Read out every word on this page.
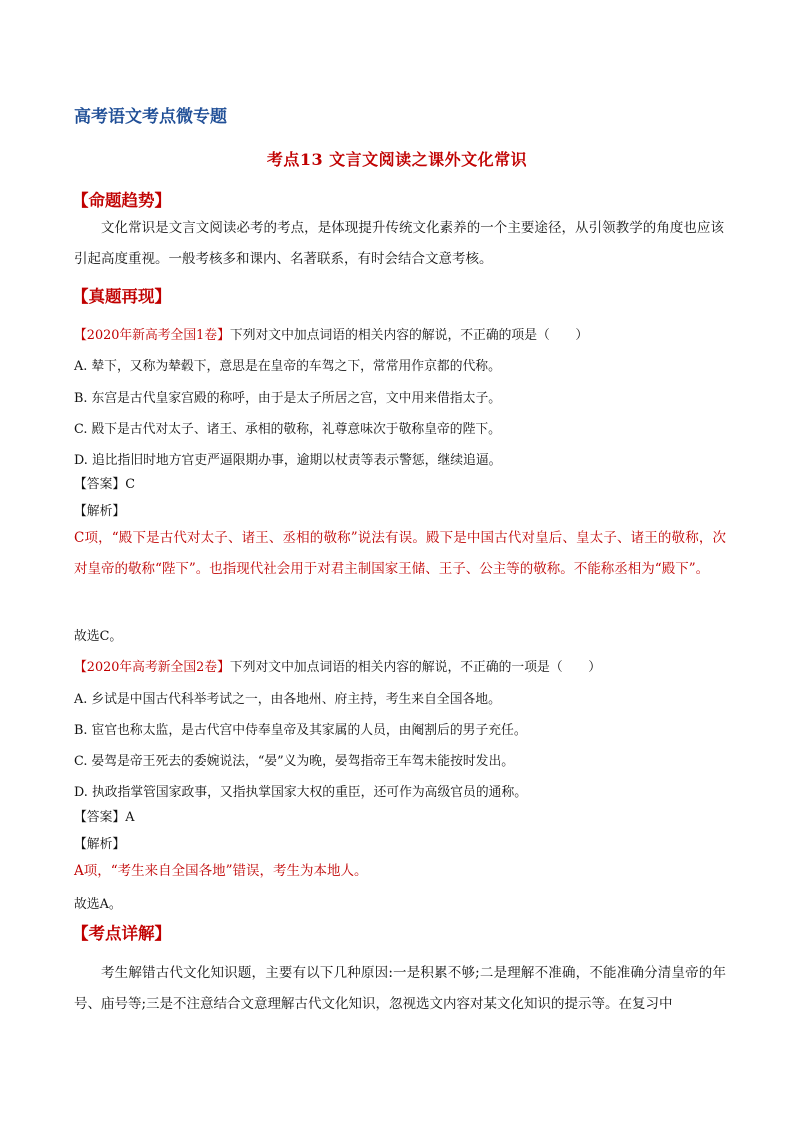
高考语文考点微专题
考点13 文言文阅读之课外文化常识
【命题趋势】
文化常识是文言文阅读必考的考点，是体现提升传统文化素养的一个主要途径，从引领教学的角度也应该引起高度重视。一般考核多和课内、名著联系，有时会结合文意考核。
【真题再现】
【2020年新高考全国1卷】下列对文中加点词语的相关内容的解说，不正确的项是（　　）
A. 辇下，又称为辇毂下，意思是在皇帝的车驾之下，常常用作京都的代称。
B. 东宫是古代皇家宫殿的称呼，由于是太子所居之宫，文中用来借指太子。
C. 殿下是古代对太子、诸王、承相的敬称，礼尊意味次于敬称皇帝的陛下。
D. 追比指旧时地方官吏严逼限期办事，逾期以杖责等表示警惩，继续追逼。
【答案】C
【解析】
C项，“殿下是古代对太子、诸王、丞相的敬称”说法有误。殿下是中国古代对皇后、皇太子、诸王的敬称，次对皇帝的敬称“陛下”。也指现代社会用于对君主制国家王储、王子、公主等的敬称。不能称丞相为“殿下”。
故选C。
【2020年高考新全国2卷】下列对文中加点词语的相关内容的解说，不正确的一项是（　　）
A. 乡试是中国古代科举考试之一，由各地州、府主持，考生来自全国各地。
B. 宦官也称太监，是古代宫中侍奉皇帝及其家属的人员，由阉割后的男子充任。
C. 晏驾是帝王死去的委婉说法，“晏”义为晚，晏驾指帝王车驾未能按时发出。
D. 执政指掌管国家政事，又指执掌国家大权的重臣，还可作为高级官员的通称。
【答案】A
【解析】
A项，“考生来自全国各地”错误，考生为本地人。
故选A。
【考点详解】
考生解错古代文化知识题，主要有以下几种原因:一是积累不够;二是理解不准确，不能准确分清皇帝的年号、庙号等;三是不注意结合文意理解古代文化知识，忽视选文内容对某文化知识的提示等。在复习中
